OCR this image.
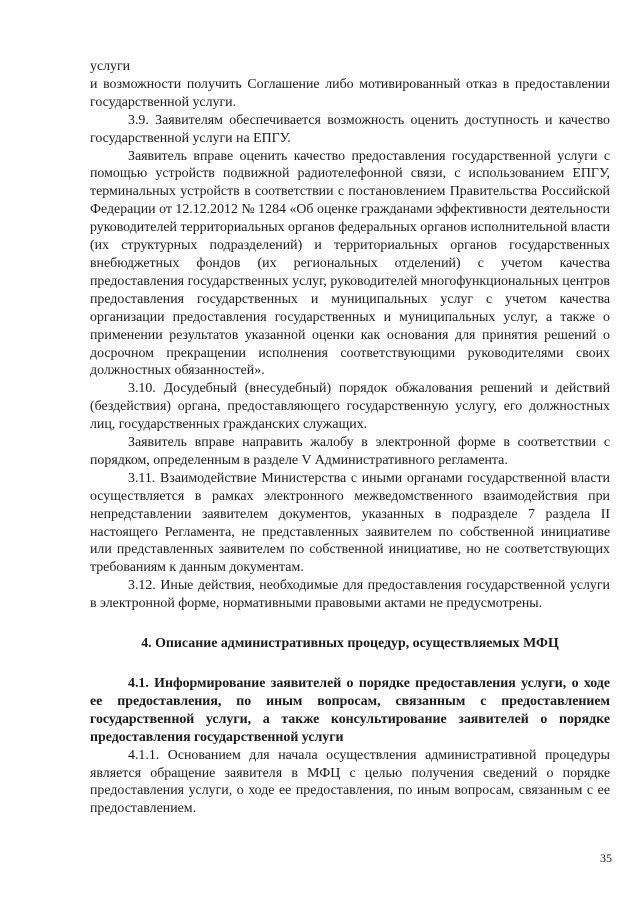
услуги

и возможности получить Соглашение либо мотивированный отказ в предоставлении государственной услуги.

3.9. Заявителям обеспечивается возможность оценить доступность и качество государственной услуги на ЕПГУ.

Заявитель вправе оценить качество предоставления государственной услуги с помощью устройств подвижной радиотелефонной связи, с использованием ЕПГУ, терминальных устройств в соответствии с постановлением Правительства Российской Федерации от 12.12.2012 № 1284 «Об оценке гражданами эффективности деятельности руководителей территориальных органов федеральных органов исполнительной власти (их структурных подразделений) и территориальных органов государственных внебюджетных фондов (их региональных отделений) с учетом качества предоставления государственных услуг, руководителей многофункциональных центров предоставления государственных и муниципальных услуг с учетом качества организации предоставления государственных и муниципальных услуг, а также о применении результатов указанной оценки как основания для принятия решений о досрочном прекращении исполнения соответствующими руководителями своих должностных обязанностей».

3.10. Досудебный (внесудебный) порядок обжалования решений и действий (бездействия) органа, предоставляющего государственную услугу, его должностных лиц, государственных гражданских служащих.

Заявитель вправе направить жалобу в электронной форме в соответствии с порядком, определенным в разделе V Административного регламента.

3.11. Взаимодействие Министерства с иными органами государственной власти осуществляется в рамках электронного межведомственного взаимодействия при непредставлении заявителем документов, указанных в подразделе 7 раздела II настоящего Регламента, не представленных заявителем по собственной инициативе или представленных заявителем по собственной инициативе, но не соответствующих требованиям к данным документам.

3.12. Иные действия, необходимые для предоставления государственной услуги в электронной форме, нормативными правовыми актами не предусмотрены.

4. Описание административных процедур, осуществляемых МФЦ

4.1. Информирование заявителей о порядке предоставления услуги, о ходе ее предоставления, по иным вопросам, связанным с предоставлением государственной услуги, а также консультирование заявителей о порядке предоставления государственной услуги

4.1.1. Основанием для начала осуществления административной процедуры является обращение заявителя в МФЦ с целью получения сведений о порядке предоставления услуги, о ходе ее предоставления, по иным вопросам, связанным с ее предоставлением.

35
